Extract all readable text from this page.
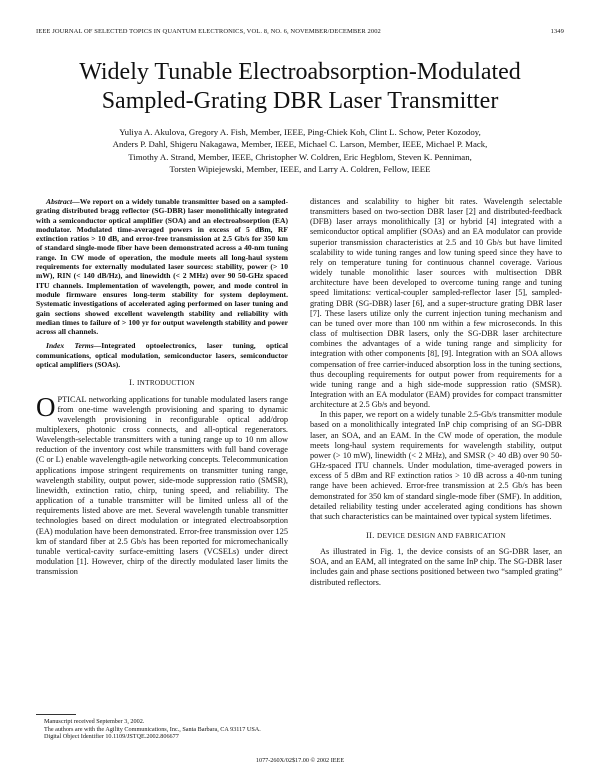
IEEE JOURNAL OF SELECTED TOPICS IN QUANTUM ELECTRONICS, VOL. 8, NO. 6, NOVEMBER/DECEMBER 2002	1349
Widely Tunable Electroabsorption-Modulated
Sampled-Grating DBR Laser Transmitter
Yuliya A. Akulova, Gregory A. Fish, Member, IEEE, Ping-Chiek Koh, Clint L. Schow, Peter Kozodoy,
Anders P. Dahl, Shigeru Nakagawa, Member, IEEE, Michael C. Larson, Member, IEEE, Michael P. Mack,
Timothy A. Strand, Member, IEEE, Christopher W. Coldren, Eric Hegblom, Steven K. Penniman,
Torsten Wipiejewski, Member, IEEE, and Larry A. Coldren, Fellow, IEEE

Abstract—We report on a widely tunable transmitter based on a sampled-grating distributed bragg reflector (SG-DBR) laser monolithically integrated with a semiconductor optical amplifier (SOA) and an electroabsorption (EA) modulator. Modulated time-averaged powers in excess of 5 dBm, RF extinction ratios > 10 dB, and error-free transmission at 2.5 Gb/s for 350 km of standard single-mode fiber have been demonstrated across a 40-nm tuning range. In CW mode of operation, the module meets all long-haul system requirements for externally modulated laser sources: stability, power (> 10 mW), RIN (< 140 dB/Hz), and linewidth (< 2 MHz) over 90 50-GHz spaced ITU channels. Implementation of wavelength, power, and mode control in module firmware ensures long-term stability for system deployment. Systematic investigations of accelerated aging performed on laser tuning and gain sections showed excellent wavelength stability and reliability with median times to failure of > 100 yr for output wavelength stability and power across all channels.

Index Terms—Integrated optoelectronics, laser tuning, optical communications, optical modulation, semiconductor lasers, semiconductor optical amplifiers (SOAs).

I. INTRODUCTION

OPTICAL networking applications for tunable modulated lasers range from one-time wavelength provisioning and sparing to dynamic wavelength provisioning in reconfigurable optical add/drop multiplexers, photonic cross connects, and all-optical regenerators. Wavelength-selectable transmitters with a tuning range up to 10 nm allow reduction of the inventory cost while transmitters with full band coverage (C or L) enable wavelength-agile networking concepts. Telecommunication applications impose stringent requirements on transmitter tuning range, wavelength stability, output power, side-mode suppression ratio (SMSR), linewidth, extinction ratio, chirp, tuning speed, and reliability. The application of a tunable transmitter will be limited unless all of the requirements listed above are met. Several wavelength tunable transmitter technologies based on direct modulation or integrated electroabsorption (EA) modulation have been demonstrated. Error-free transmission over 125 km of standard fiber at 2.5 Gb/s has been reported for micromechanically tunable vertical-cavity surface-emitting lasers (VCSELs) under direct modulation [1]. However, chirp of the directly modulated laser limits the transmission

distances and scalability to higher bit rates. Wavelength selectable transmitters based on two-section DBR laser [2] and distributed-feedback (DFB) laser arrays monolithically [3] or hybrid [4] integrated with a semiconductor optical amplifier (SOAs) and an EA modulator can provide superior transmission characteristics at 2.5 and 10 Gb/s but have limited scalability to wide tuning ranges and low tuning speed since they have to rely on temperature tuning for continuous channel coverage. Various widely tunable monolithic laser sources with multisection DBR architecture have been developed to overcome tuning range and tuning speed limitations: vertical-coupler sampled-reflector laser [5], sampled-grating DBR (SG-DBR) laser [6], and a super-structure grating DBR laser [7]. These lasers utilize only the current injection tuning mechanism and can be tuned over more than 100 nm within a few microseconds. In this class of multisection DBR lasers, only the SG-DBR laser architecture combines the advantages of a wide tuning range and simplicity for integration with other components [8], [9]. Integration with an SOA allows compensation of free carrier-induced absorption loss in the tuning sections, thus decoupling requirements for output power from requirements for a wide tuning range and a high side-mode suppression ratio (SMSR). Integration with an EA modulator (EAM) provides for compact transmitter architecture at 2.5 Gb/s and beyond.

In this paper, we report on a widely tunable 2.5-Gb/s transmitter module based on a monolithically integrated InP chip comprising of an SG-DBR laser, an SOA, and an EAM. In the CW mode of operation, the module meets long-haul system requirements for wavelength stability, output power (> 10 mW), linewidth (< 2 MHz), and SMSR (> 40 dB) over 90 50-GHz-spaced ITU channels. Under modulation, time-averaged powers in excess of 5 dBm and RF extinction ratios > 10 dB across a 40-nm tuning range have been achieved. Error-free transmission at 2.5 Gb/s has been demonstrated for 350 km of standard single-mode fiber (SMF). In addition, detailed reliability testing under accelerated aging conditions has shown that such characteristics can be maintained over typical system lifetimes.

II. DEVICE DESIGN AND FABRICATION

As illustrated in Fig. 1, the device consists of an SG-DBR laser, an SOA, and an EAM, all integrated on the same InP chip. The SG-DBR laser includes gain and phase sections positioned between two “sampled grating” distributed reflectors.

Manuscript received September 3, 2002.

The authors are with the Agility Communications, Inc., Santa Barbara, CA 93117 USA.

Digital Object Identifier 10.1109/JSTQE.2002.806677

1077-260X/02$17.00 © 2002 IEEE
